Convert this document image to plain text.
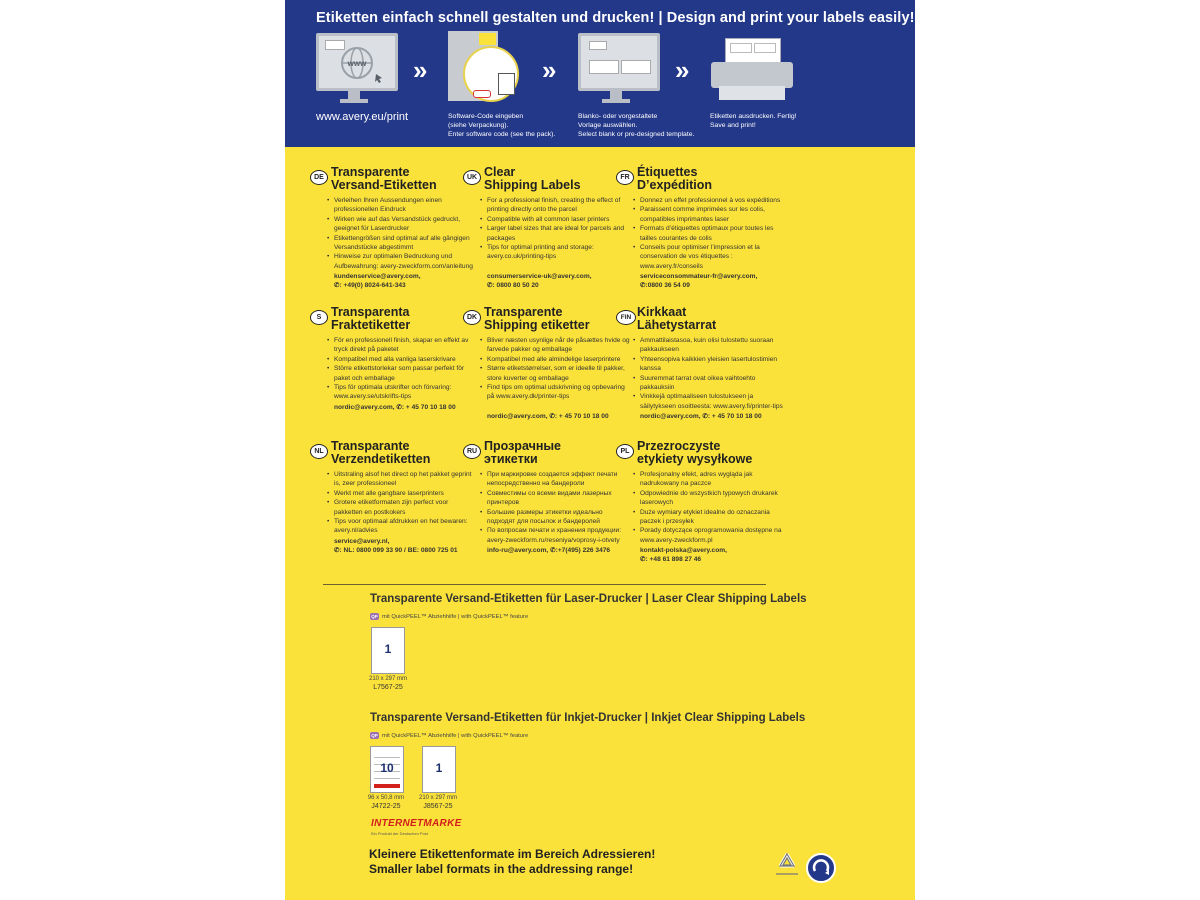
Etiketten einfach schnell gestalten und drucken! | Design and print your labels easily!
www
www.avery.eu/print
»	1
Software-Code eingeben
(siehe Verpackung).
Enter software code (see the pack).
»
Blanko- oder vorgestaltete
Vorlage auswählen.
Select blank or pre-designed template.
»
Etiketten ausdrucken. Fertig!
Save and print!
DE Transparente
Versand-Etiketten
• Verleihen Ihren Aussendungen einen professionellen Eindruck
• Wirken wie auf das Versandstück gedruckt, geeignet für Laserdrucker
• Etikettengrößen sind optimal auf alle gängigen Versandstücke abgestimmt
• Hinweise zur optimalen Bedruckung und Aufbewahrung: avery-zweckform.com/anleitung
kundenservice@avery.com,
✆: +49(0) 8024-641-343
UK Clear
Shipping Labels
• For a professional finish, creating the effect of printing directly onto the parcel
• Compatible with all common laser printers
• Larger label sizes that are ideal for parcels and packages
• Tips for optimal printing and storage: avery.co.uk/printing-tips
consumerservice-uk@avery.com,
✆: 0800 80 50 20
FR Étiquettes
D’expédition
• Donnez un effet professionnel à vos expéditions
• Paraissent comme imprimées sur les colis, compatibles imprimantes laser
• Formats d’étiquettes optimaux pour toutes les tailles courantes de colis
• Conseils pour optimiser l’impression et la conservation de vos étiquettes : www.avery.fr/conseils
serviceconsommateur-fr@avery.com,
✆:0800 36 54 09
S Transparenta
Fraktetiketter
• För en professionell finish, skapar en effekt av tryck direkt på paketet
• Kompatibel med alla vanliga laserskrivare
• Större etikettstorlekar som passar perfekt för paket och emballage
• Tips för optimala utskrifter och förvaring: www.avery.se/utskrifts-tips
nordic@avery.com, ✆: + 45 70 10 18 00
DK Transparente
Shipping etiketter
• Bliver næsten usynlige når de påsættes hvide og farvede pakker og emballage
• Kompatibel med alle almindelige laserprintere
• Større etiketstørrelser, som er ideelle til pakker, store kuverter og emballage
• Find tips om optimal udskrivning og opbevaring på www.avery.dk/printer-tips
nordic@avery.com, ✆: + 45 70 10 18 00
FIN Kirkkaat
Lähetystarrat
• Ammattilaistasoa, kuin olisi tulostettu suoraan pakkaukseen
• Yhteensopiva kaikkien yleisien lasertulostimien kanssa
• Suuremmat tarrat ovat oikea vaihtoehto pakkauksiin
• Vinkkejä optimaaliseen tulostukseen ja säilytykseen osoitteesta: www.avery.fi/printer-tips
nordic@avery.com, ✆: + 45 70 10 18 00
NL Transparante
Verzendetiketten
• Uitstraling alsof het direct op het pakket geprint is, zeer professioneel
• Werkt met alle gangbare laserprinters
• Grotere etiketformaten zijn perfect voor pakketten en postkokers
• Tips voor optimaal afdrukken en het bewaren: avery.nl/advies
service@avery.nl,
✆: NL: 0800 099 33 90 / BE: 0800 725 01
RU Прозрачные
этикетки
• При маркировке создается эффект печати непосредственно на бандероли
• Совместимы со всеми видами лазерных принтеров
• Большие размеры этикетки идеально подходят для посылок и бандеролей
• По вопросам печати и хранения продукции: avery-zweckform.ru/reseniya/voprosy-i-otvety
info-ru@avery.com, ✆:+7(495) 226 3476
PL Przezroczyste
etykiety wysyłkowe
• Profesjonalny efekt, adres wygląda jak nadrukowany na paczce
• Odpowiednie do wszystkich typowych drukarek laserowych
• Duże wymiary etykiet idealne do oznaczania paczek i przesyłek
• Porady dotyczące oprogramowania dostępne na www.avery-zweckform.pl
kontakt-polska@avery.com,
✆: +48 61 898 27 46
Transparente Versand-Etiketten für Laser-Drucker | Laser Clear Shipping Labels
QP mit QuickPEEL™ Abziehhilfe | with QuickPEEL™ feature
1
210 x 297 mm
L7567-25
Transparente Versand-Etiketten für Inkjet-Drucker | Inkjet Clear Shipping Labels
QP mit QuickPEEL™ Abziehhilfe | with QuickPEEL™ feature
10
96 x 50,8 mm
J4722-25
1
210 x 297 mm
J8567-25
INTERNETMARKE
Ein Produkt der Deutschen Post
Kleinere Etikettenformate im Bereich Adressieren!
Smaller label formats in the addressing range!
